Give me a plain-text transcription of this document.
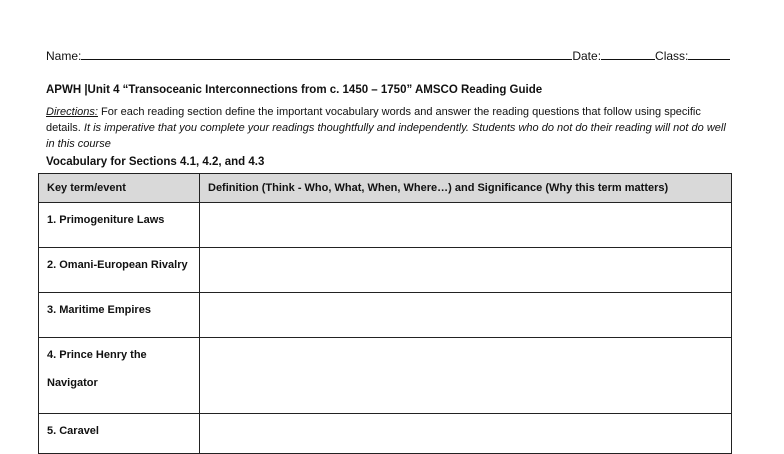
Name:	Date:	Class:
APWH |Unit 4 “Transoceanic Interconnections from c. 1450 – 1750” AMSCO Reading Guide
Directions: For each reading section define the important vocabulary words and answer the reading questions that follow using specific details. It is imperative that you complete your readings thoughtfully and independently. Students who do not do their reading will not do well in this course
Vocabulary for Sections 4.1, 4.2, and 4.3
Key term/event	Definition (Think - Who, What, When, Where…) and Significance (Why this term matters)
1. Primogeniture Laws	
2. Omani-European Rivalry	
3. Maritime Empires	
4. Prince Henry the
Navigator	

5. Caravel	
